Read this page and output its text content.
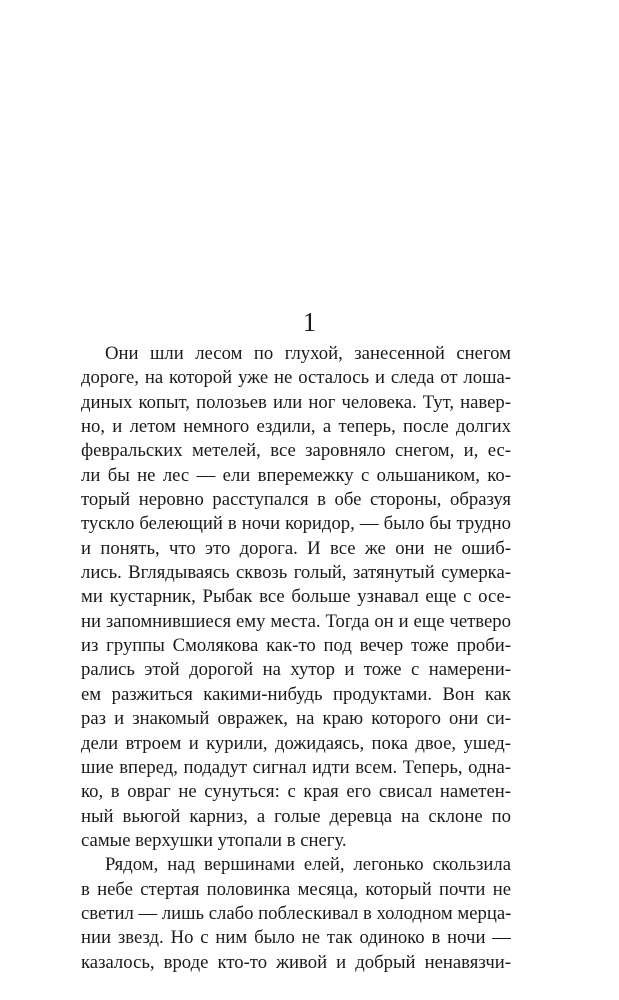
1
Они шли лесом по глухой, занесенной снегом
дороге, на которой уже не осталось и следа от лоша-
диных копыт, полозьев или ног человека. Тут, навер-
но, и летом немного ездили, а теперь, после долгих
февральских метелей, все заровняло снегом, и, ес-
ли бы не лес — ели вперемежку с ольшаником, ко-
торый неровно расступался в обе стороны, образуя
тускло белеющий в ночи коридор, — было бы трудно
и понять, что это дорога. И все же они не ошиб-
лись. Вглядываясь сквозь голый, затянутый сумерка-
ми кустарник, Рыбак все больше узнавал еще с осе-
ни запомнившиеся ему места. Тогда он и еще четверо
из группы Смолякова как-то под вечер тоже проби-
рались этой дорогой на хутор и тоже с намерени-
ем разжиться какими-нибудь продуктами. Вон как
раз и знакомый овражек, на краю которого они си-
дели втроем и курили, дожидаясь, пока двое, ушед-
шие вперед, подадут сигнал идти всем. Теперь, одна-
ко, в овраг не сунуться: с края его свисал наметен-
ный вьюгой карниз, а голые деревца на склоне по
самые верхушки утопали в снегу.
Рядом, над вершинами елей, легонько скользила
в небе стертая половинка месяца, который почти не
светил — лишь слабо поблескивал в холодном мерца-
нии звезд. Но с ним было не так одиноко в ночи —
казалось, вроде кто-то живой и добрый ненавязчи-
